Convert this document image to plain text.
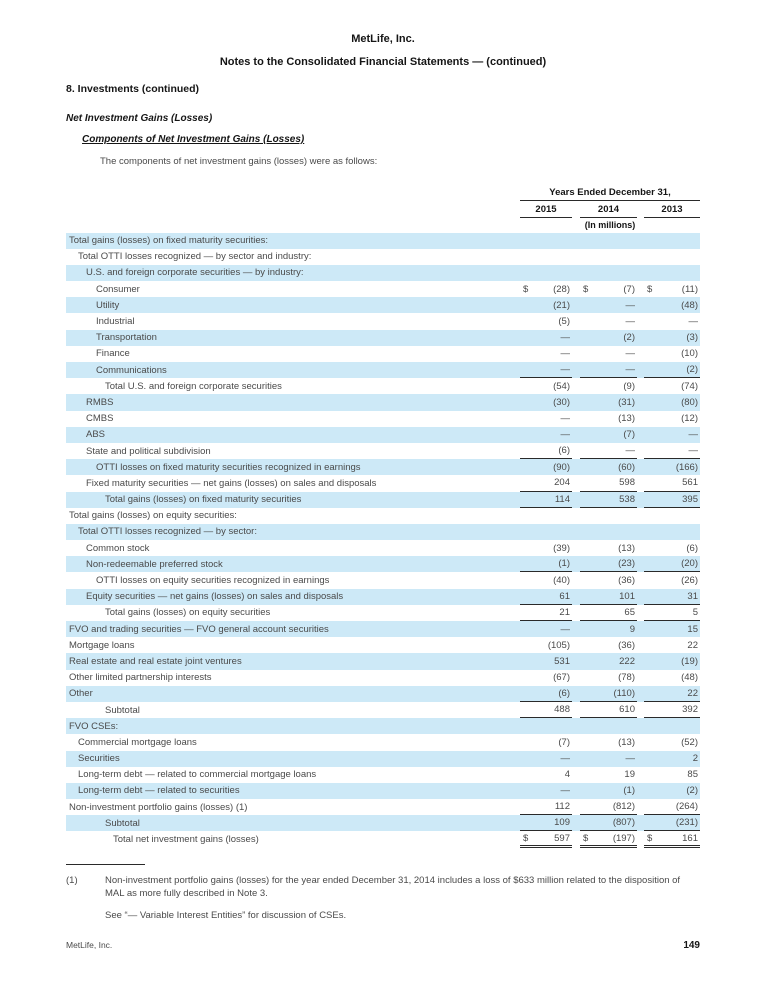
MetLife, Inc.
Notes to the Consolidated Financial Statements — (continued)
8. Investments (continued)
Net Investment Gains (Losses)
Components of Net Investment Gains (Losses)
The components of net investment gains (losses) were as follows:
Years Ended December 31,
2015	2014	2013
(In millions)
Total gains (losses) on fixed maturity securities:
Total OTTI losses recognized — by sector and industry:
U.S. and foreign corporate securities — by industry:
Consumer	$	(28) $	(7) $	(11)
Utility	(21)	—	(48)
Industrial	(5)	—	—
Transportation	—	(2)	(3)
Finance	—	—	(10)
Communications	—	—	(2)
Total U.S. and foreign corporate securities	(54)	(9)	(74)
RMBS	(30)	(31)	(80)
CMBS	—	(13)	(12)
ABS	—	(7)	—
State and political subdivision	(6)	—	—
OTTI losses on fixed maturity securities recognized in earnings	(90)	(60)	(166)
Fixed maturity securities — net gains (losses) on sales and disposals	204	598	561
Total gains (losses) on fixed maturity securities	114	538	395
Total gains (losses) on equity securities:
Total OTTI losses recognized — by sector:
Common stock	(39)	(13)	(6)
Non-redeemable preferred stock	(1)	(23)	(20)
OTTI losses on equity securities recognized in earnings	(40)	(36)	(26)
Equity securities — net gains (losses) on sales and disposals	61	101	31
Total gains (losses) on equity securities	21	65	5
FVO and trading securities — FVO general account securities	—	9	15
Mortgage loans	(105)	(36)	22
Real estate and real estate joint ventures	531	222	(19)
Other limited partnership interests	(67)	(78)	(48)
Other	(6)	(110)	22
Subtotal	488	610	392
FVO CSEs:
Commercial mortgage loans	(7)	(13)	(52)
Securities	—	—	2
Long-term debt — related to commercial mortgage loans	4	19	85
Long-term debt — related to securities	—	(1)	(2)
Non-investment portfolio gains (losses) (1)	112	(812)	(264)
Subtotal	109	(807)	(231)
Total net investment gains (losses)	$	597 $	(197) $	161
(1)	Non-investment portfolio gains (losses) for the year ended December 31, 2014 includes a loss of $633 million related to the disposition of MAL as more fully described in Note 3.
See “— Variable Interest Entities” for discussion of CSEs.
MetLife, Inc.	149
